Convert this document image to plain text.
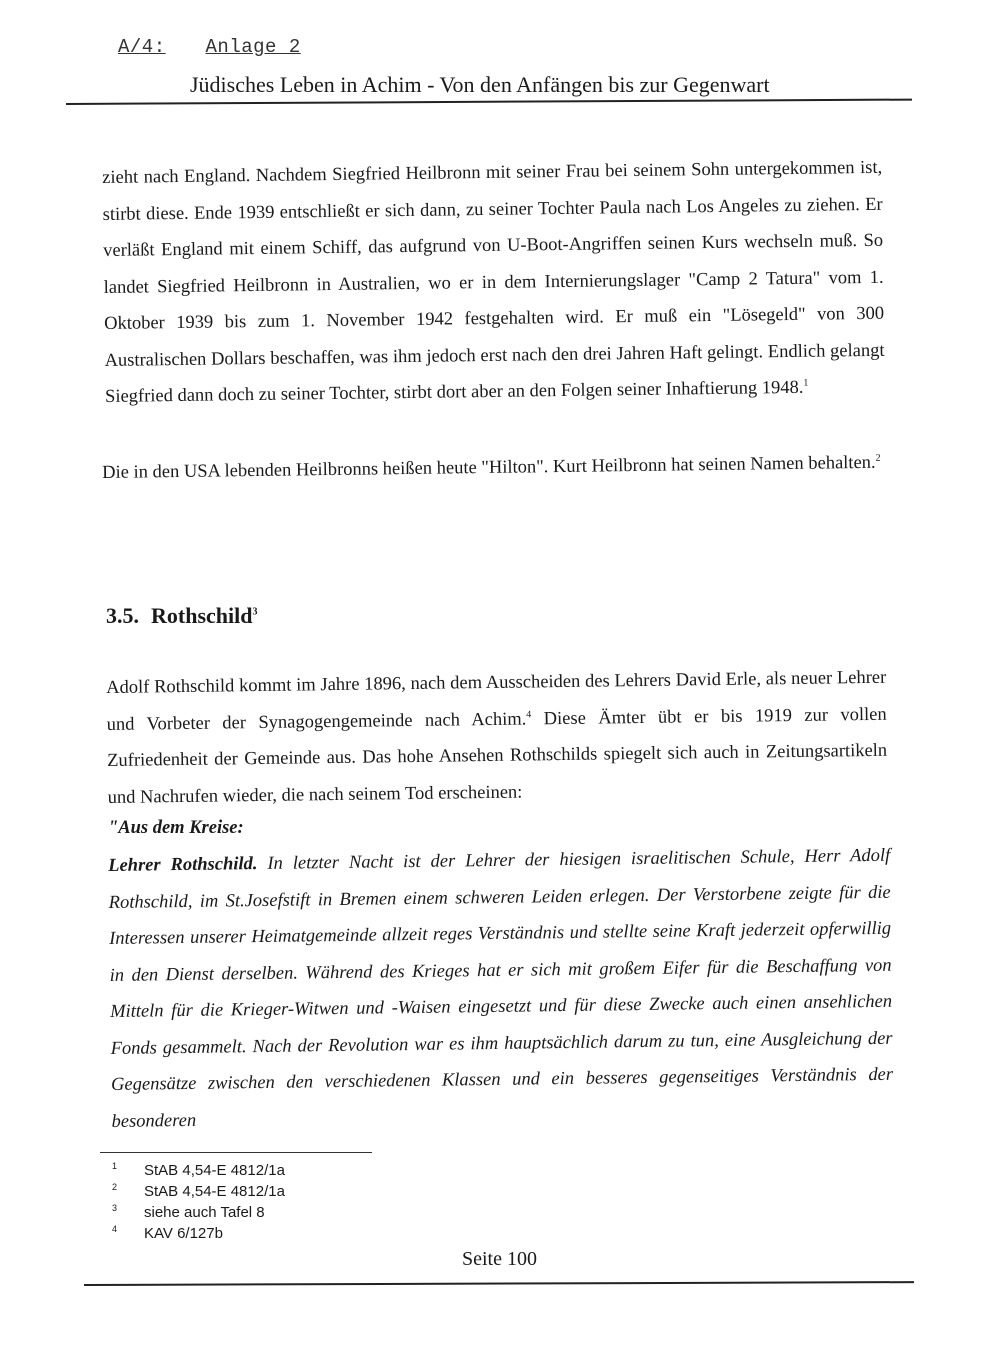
A/4: Anlage 2
Jüdisches Leben in Achim - Von den Anfängen bis zur Gegenwart

zieht nach England. Nachdem Siegfried Heilbronn mit seiner Frau bei seinem Sohn untergekommen ist, stirbt diese. Ende 1939 entschließt er sich dann, zu seiner Tochter Paula nach Los Angeles zu ziehen. Er verläßt England mit einem Schiff, das aufgrund von U-Boot-Angriffen seinen Kurs wechseln muß. So landet Siegfried Heilbronn in Australien, wo er in dem Internierungslager "Camp 2 Tatura" vom 1. Oktober 1939 bis zum 1. November 1942 festgehalten wird. Er muß ein "Lösegeld" von 300 Australischen Dollars beschaffen, was ihm jedoch erst nach den drei Jahren Haft gelingt. Endlich gelangt Siegfried dann doch zu seiner Tochter, stirbt dort aber an den Folgen seiner Inhaftierung 1948.$^1$

Die in den USA lebenden Heilbronns heißen heute "Hilton". Kurt Heilbronn hat seinen Namen behalten.$^2$

3.5. Rothschild$^3$

Adolf Rothschild kommt im Jahre 1896, nach dem Ausscheiden des Lehrers David Erle, als neuer Lehrer und Vorbeter der Synagogengemeinde nach Achim.$^4$ Diese Ämter übt er bis 1919 zur vollen Zufriedenheit der Gemeinde aus. Das hohe Ansehen Rothschilds spiegelt sich auch in Zeitungsartikeln und Nachrufen wieder, die nach seinem Tod erscheinen:

"Aus dem Kreise:

Lehrer Rothschild. In letzter Nacht ist der Lehrer der hiesigen israelitischen Schule, Herr Adolf Rothschild, im St.Josefstift in Bremen einem schweren Leiden erlegen. Der Verstorbene zeigte für die Interessen unserer Heimatgemeinde allzeit reges Verständnis und stellte seine Kraft jederzeit opferwillig in den Dienst derselben. Während des Krieges hat er sich mit großem Eifer für die Beschaffung von Mitteln für die Krieger-Witwen und -Waisen eingesetzt und für diese Zwecke auch einen ansehlichen Fonds gesammelt. Nach der Revolution war es ihm hauptsächlich darum zu tun, eine Ausgleichung der Gegensätze zwischen den verschiedenen Klassen und ein besseres gegenseitiges Verständnis der besonderen

1 StAB 4,54-E 4812/1a
2 StAB 4,54-E 4812/1a
3 siehe auch Tafel 8
4 KAV 6/127b
Seite 100
